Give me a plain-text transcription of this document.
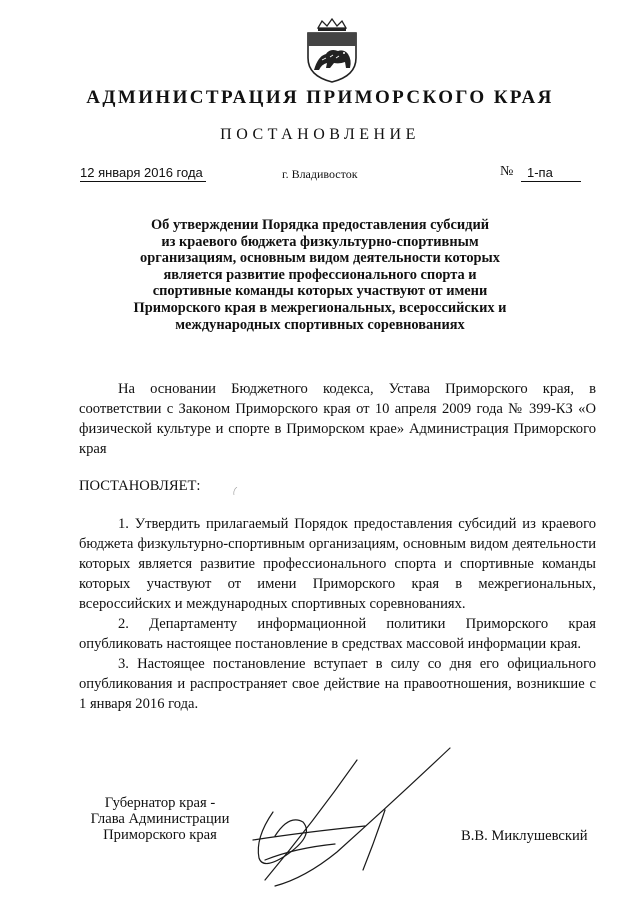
АДМИНИСТРАЦИЯ ПРИМОРСКОГО КРАЯ
ПОСТАНОВЛЕНИЕ
12 января 2016 года	г. Владивосток	№	1-па
Об утверждении Порядка предоставления субсидий
из краевого бюджета физкультурно-спортивным
организациям, основным видом деятельности которых
является развитие профессионального спорта и
спортивные команды которых участвуют от имени
Приморского края в межрегиональных, всероссийских и
международных спортивных соревнованиях

На основании Бюджетного кодекса, Устава Приморского края, в соответствии с Законом Приморского края от 10 апреля 2009 года № 399-КЗ «О физической культуре и спорте в Приморском крае» Администрация Приморского края

ПОСТАНОВЛЯЕТ:

1. Утвердить прилагаемый Порядок предоставления субсидий из краевого бюджета физкультурно-спортивным организациям, основным видом деятельности которых является развитие профессионального спорта и спортивные команды которых участвуют от имени Приморского края в межрегиональных, всероссийских и международных спортивных соревнованиях.

2. Департаменту информационной политики Приморского края опубликовать настоящее постановление в средствах массовой информации края.

3. Настоящее постановление вступает в силу со дня его официального опубликования и распространяет свое действие на правоотношения, возникшие с 1 января 2016 года.

Губернатор края -
Глава Администрации
Приморского края	В.В. Миклушевский
